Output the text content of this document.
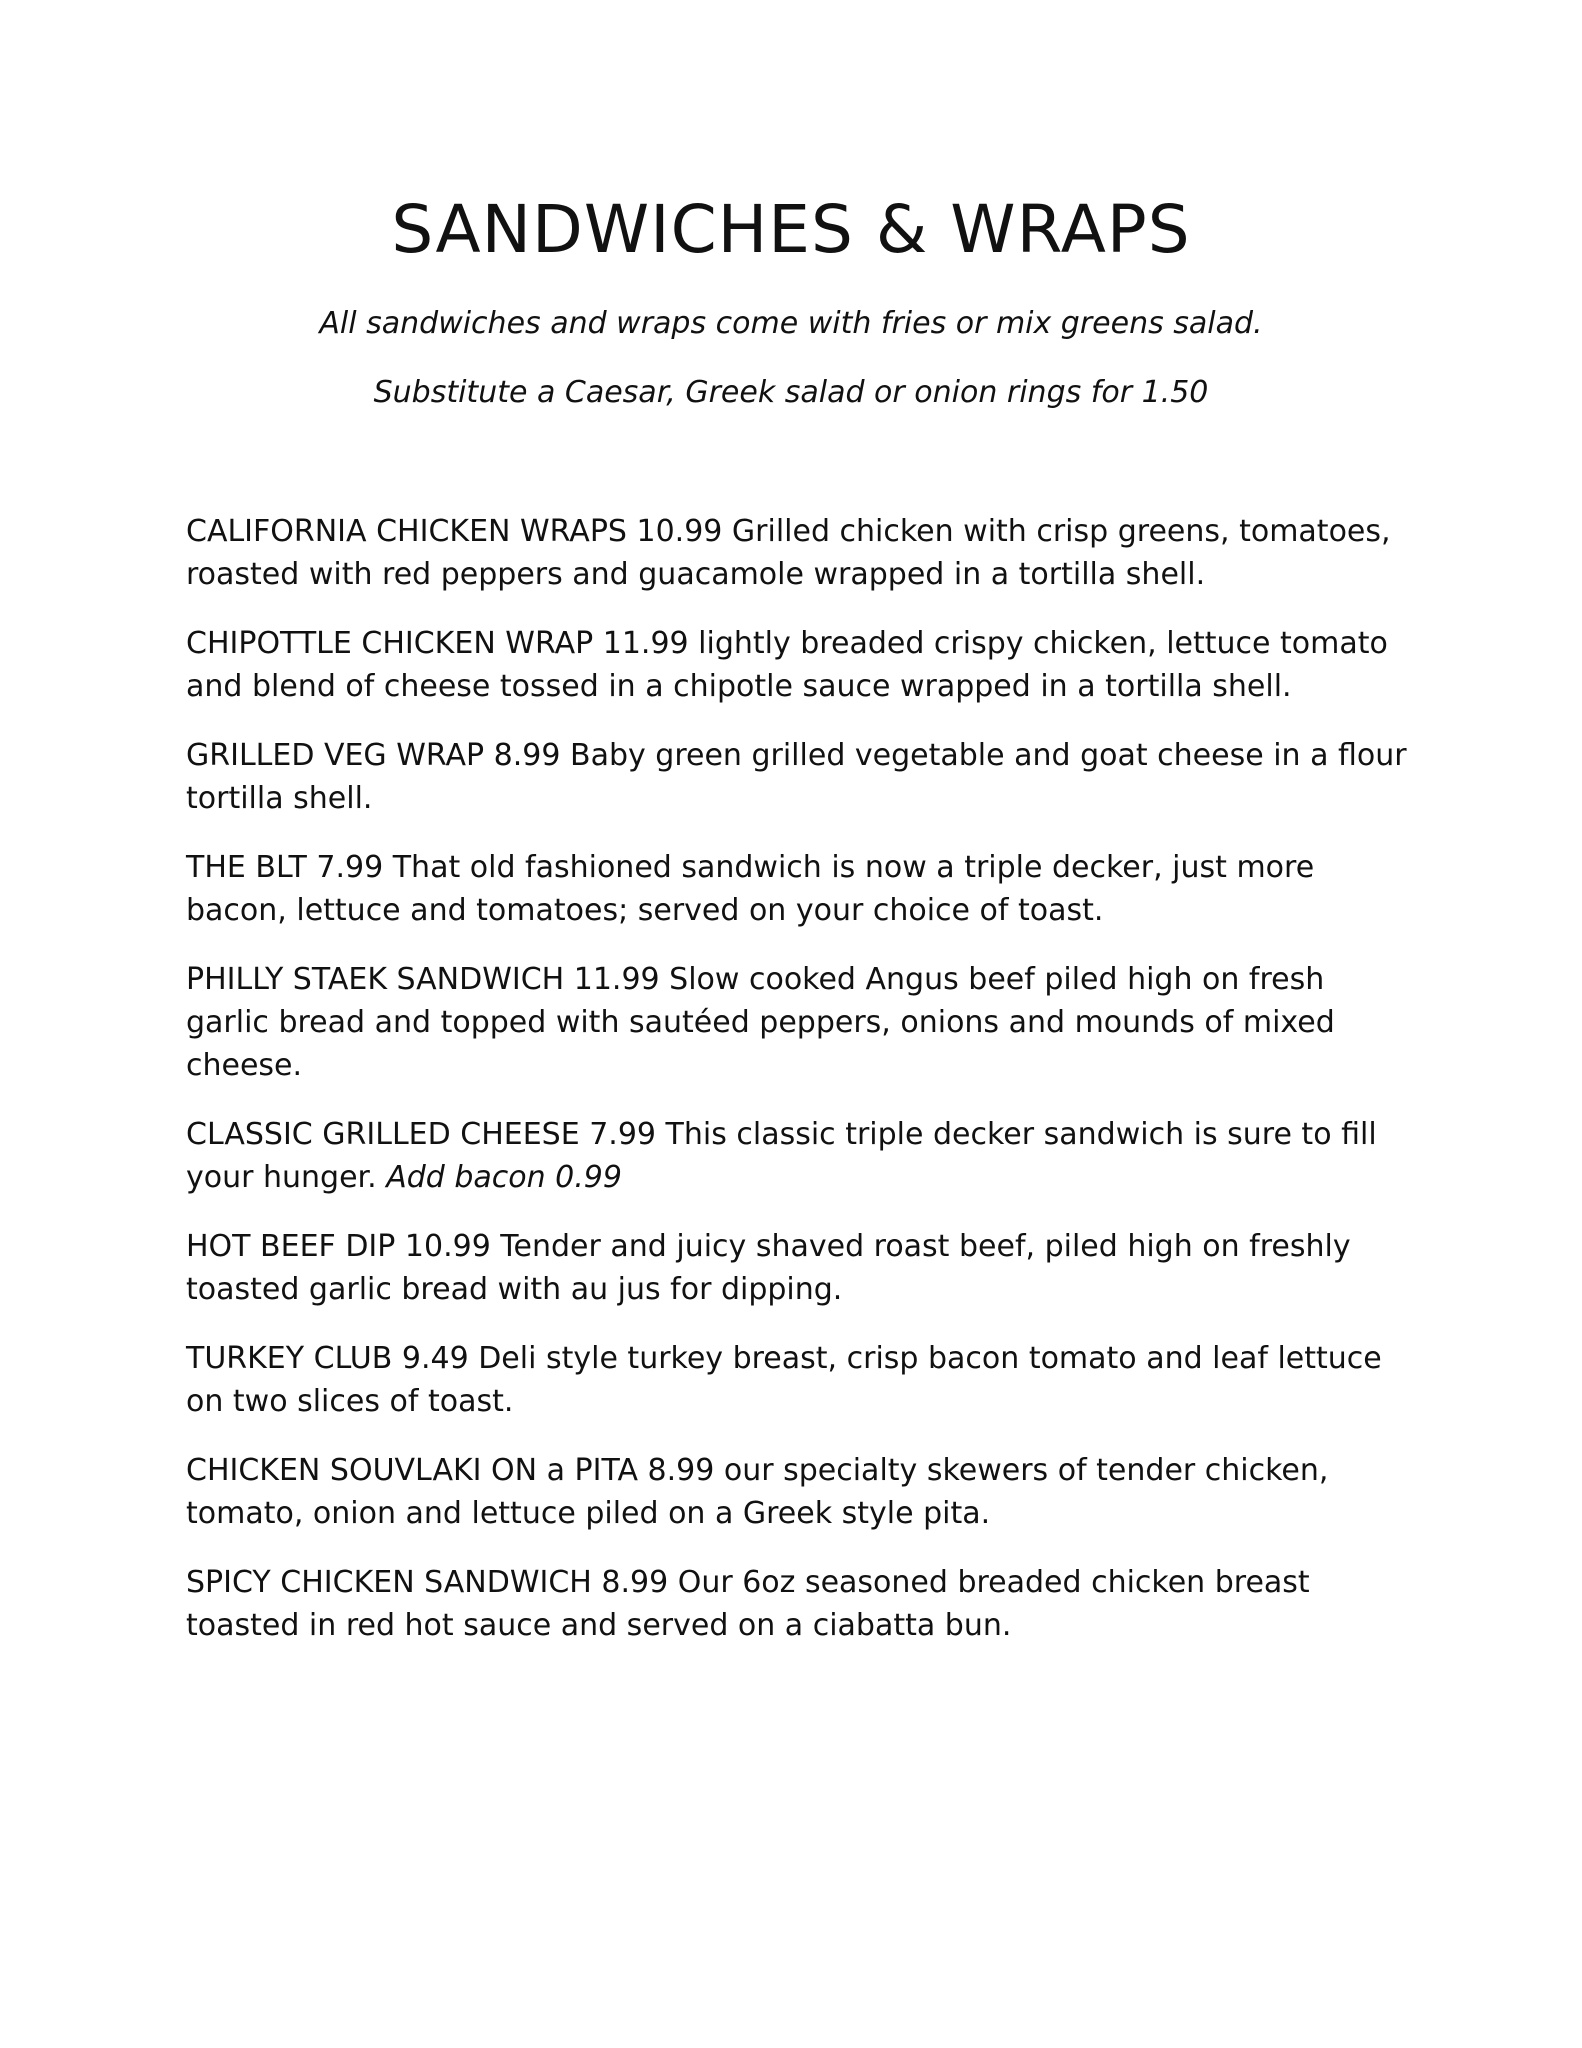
SANDWICHES & WRAPS

All sandwiches and wraps come with fries or mix greens salad.

Substitute a Caesar, Greek salad or onion rings for 1.50

CALIFORNIA CHICKEN WRAPS 10.99 Grilled chicken with crisp greens, tomatoes, roasted with red peppers and guacamole wrapped in a tortilla shell.

CHIPOTTLE CHICKEN WRAP 11.99 lightly breaded crispy chicken, lettuce tomato and blend of cheese tossed in a chipotle sauce wrapped in a tortilla shell.

GRILLED VEG WRAP 8.99 Baby green grilled vegetable and goat cheese in a flour tortilla shell.

THE BLT 7.99 That old fashioned sandwich is now a triple decker, just more bacon, lettuce and tomatoes; served on your choice of toast.

PHILLY STAEK SANDWICH 11.99 Slow cooked Angus beef piled high on fresh garlic bread and topped with sautéed peppers, onions and mounds of mixed cheese.

CLASSIC GRILLED CHEESE 7.99 This classic triple decker sandwich is sure to fill your hunger. Add bacon 0.99

HOT BEEF DIP 10.99 Tender and juicy shaved roast beef, piled high on freshly toasted garlic bread with au jus for dipping.

TURKEY CLUB 9.49 Deli style turkey breast, crisp bacon tomato and leaf lettuce on two slices of toast.

CHICKEN SOUVLAKI ON a PITA 8.99 our specialty skewers of tender chicken, tomato, onion and lettuce piled on a Greek style pita.

SPICY CHICKEN SANDWICH 8.99 Our 6oz seasoned breaded chicken breast toasted in red hot sauce and served on a ciabatta bun.
